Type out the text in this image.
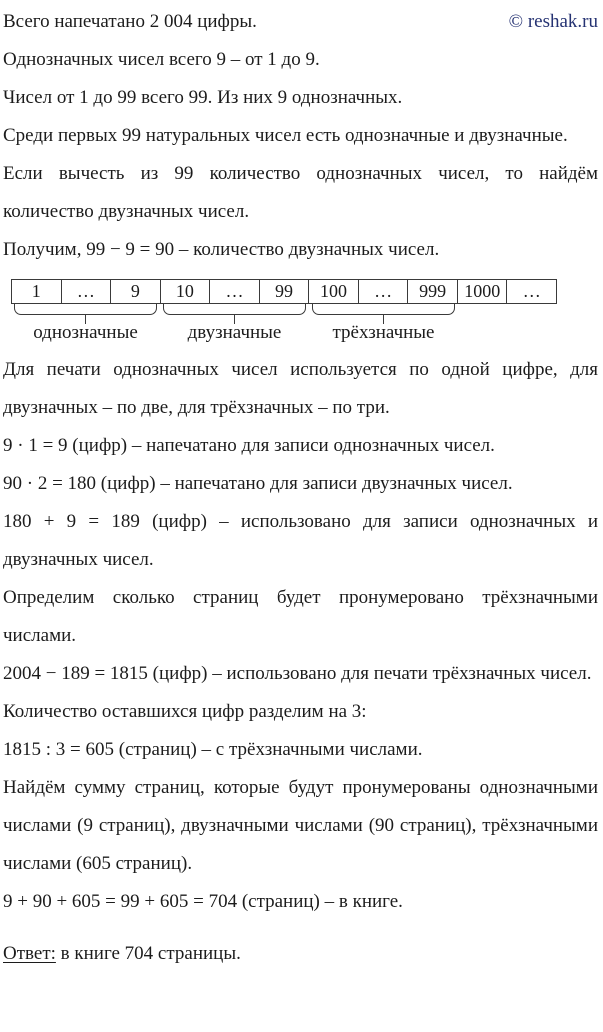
Всего напечатано 2 004 цифры.	© reshak.ru

Однозначных чисел всего 9 – от 1 до 9.

Чисел от 1 до 99 всего 99. Из них 9 однозначных.

Среди первых 99 натуральных чисел есть однозначные и двузначные.

Если вычесть из 99 количество однозначных чисел, то найдём количество двузначных чисел.

Получим, 99 − 9 = 90 – количество двузначных чисел.

1	…	9	10	…	99	100	…	999	1000	…
однозначные	двузначные	трёхзначные

Для печати однозначных чисел используется по одной цифре, для двузначных – по две, для трёхзначных – по три.

9 · 1 = 9 (цифр) – напечатано для записи однозначных чисел.

90 · 2 = 180 (цифр) – напечатано для записи двузначных чисел.

180 + 9 = 189 (цифр) – использовано для записи однозначных и двузначных чисел.

Определим сколько страниц будет пронумеровано трёхзначными числами.

2004 − 189 = 1815 (цифр) – использовано для печати трёхзначных чисел.

Количество оставшихся цифр разделим на 3:

1815 : 3 = 605 (страниц) – с трёхзначными числами.

Найдём сумму страниц, которые будут пронумерованы однозначными числами (9 страниц), двузначными числами (90 страниц), трёхзначными числами (605 страниц).

9 + 90 + 605 = 99 + 605 = 704 (страниц) – в книге.

Ответ: в книге 704 страницы.
